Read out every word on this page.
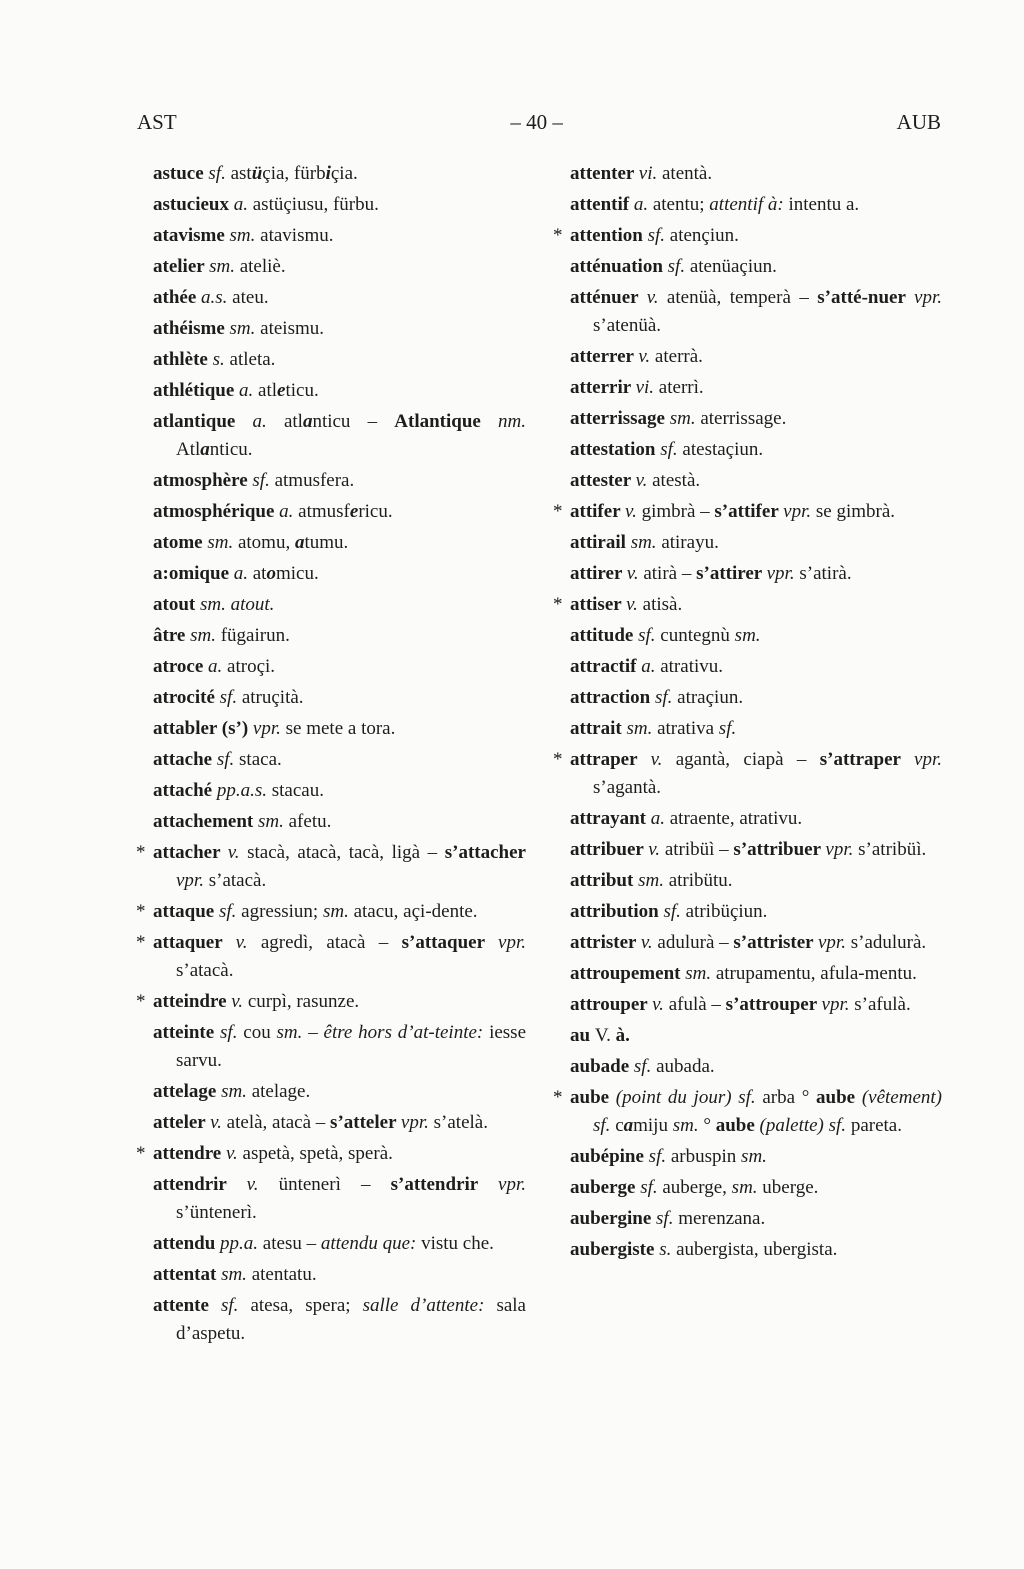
AST	– 40 –	AUB

astuce sf. astüçia, fürbiçia.

astucieux a. astüçiusu, fürbu.

atavisme sm. atavismu.

atelier sm. ateliè.

athée a.s. ateu.

athéisme sm. ateismu.

athlète s. atleta.

athlétique a. atleticu.

atlantique a. atlanticu – Atlantique nm. Atlanticu.

atmosphère sf. atmusfera.

atmosphérique a. atmusfericu.

atome sm. atomu, atumu.

a:omique a. atomicu.

atout sm. atout.

âtre sm. fügairun.

atroce a. atroçi.

atrocité sf. atruçità.

attabler (s’) vpr. se mete a tora.

attache sf. staca.

attaché pp.a.s. stacau.

attachement sm. afetu.

* attacher v. stacà, atacà, tacà, ligà – s’attacher vpr. s’atacà.

* attaque sf. agressiun; sm. atacu, açi-dente.

* attaquer v. agredì, atacà – s’attaquer vpr. s’atacà.

* atteindre v. curpì, rasunze.

atteinte sf. cou sm. – être hors d’at-teinte: iesse sarvu.

attelage sm. atelage.

atteler v. atelà, atacà – s’atteler vpr. s’atelà.

* attendre v. aspetà, spetà, sperà.

attendrir v. üntenerì – s’attendrir vpr. s’üntenerì.

attendu pp.a. atesu – attendu que: vistu che.

attentat sm. atentatu.

attente sf. atesa, spera; salle d’attente: sala d’aspetu.

attenter vi. atentà.

attentif a. atentu; attentif à: intentu a.

* attention sf. atençiun.

atténuation sf. atenüaçiun.

atténuer v. atenüà, temperà – s’atté-nuer vpr. s’atenüà.

atterrer v. aterrà.

atterrir vi. aterrì.

atterrissage sm. aterrissage.

attestation sf. atestaçiun.

attester v. atestà.

* attifer v. gimbrà – s’attifer vpr. se gimbrà.

attirail sm. atirayu.

attirer v. atirà – s’attirer vpr. s’atirà.

* attiser v. atisà.

attitude sf. cuntegnù sm.

attractif a. atrativu.

attraction sf. atraçiun.

attrait sm. atrativa sf.

* attraper v. agantà, ciapà – s’attraper vpr. s’agantà.

attrayant a. atraente, atrativu.

attribuer v. atribüì – s’attribuer vpr. s’atribüì.

attribut sm. atribütu.

attribution sf. atribüçiun.

attrister v. adulurà – s’attrister vpr. s’adulurà.

attroupement sm. atrupamentu, afula-mentu.

attrouper v. afulà – s’attrouper vpr. s’afulà.

au V. à.

aubade sf. aubada.

* aube (point du jour) sf. arba ° aube (vêtement) sf. camiju sm. ° aube (palette) sf. pareta.

aubépine sf. arbuspin sm.

auberge sf. auberge, sm. uberge.

aubergine sf. merenzana.

aubergiste s. aubergista, ubergista.
